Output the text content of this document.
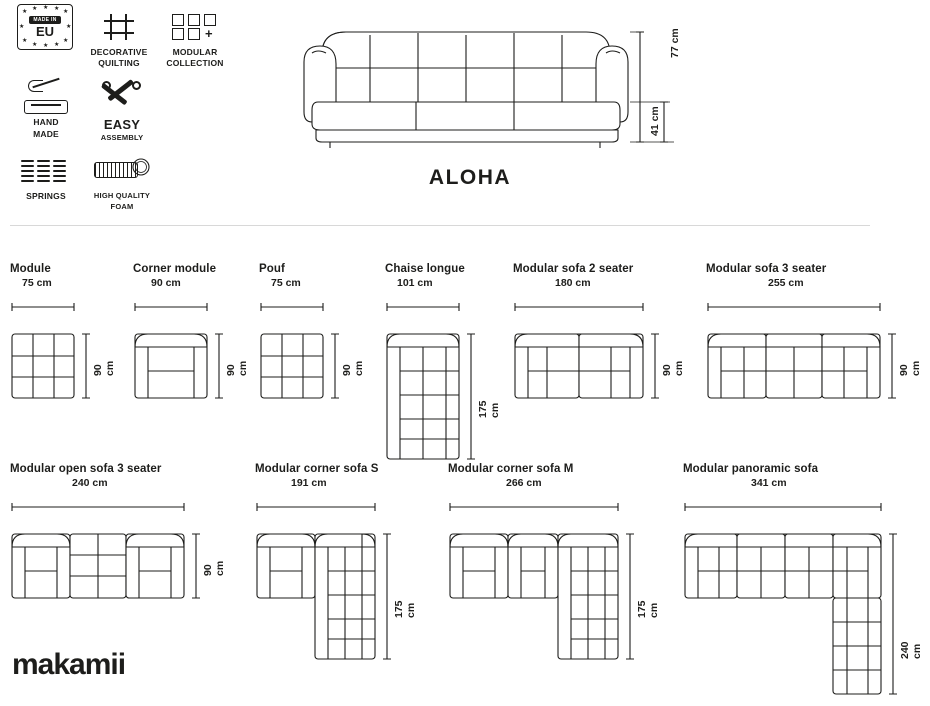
★ ★ ★ ★ ★
★	★
★
★ ★ ★
★
MADE IN
EU
DECORATIVE
QUILTING
+
MODULAR
COLLECTION
HAND
MADE
EASY
ASSEMBLY
SPRINGS	HIGH QUALITY
FOAM
77 cm
41 cm
ALOHA
Module
75 cm
90 cm
Corner module
90 cm
90 cm
Pouf
75 cm
90 cm
Chaise longue
101 cm
175 cm
Modular sofa 2 seater
180 cm
90 cm
Modular sofa 3 seater
255 cm
90 cm
Modular open sofa 3 seater
240 cm
90 cm
Modular corner sofa S
191 cm
175 cm
Modular corner sofa M
266 cm
175 cm
Modular panoramic sofa
341 cm
240 cm
makamii
